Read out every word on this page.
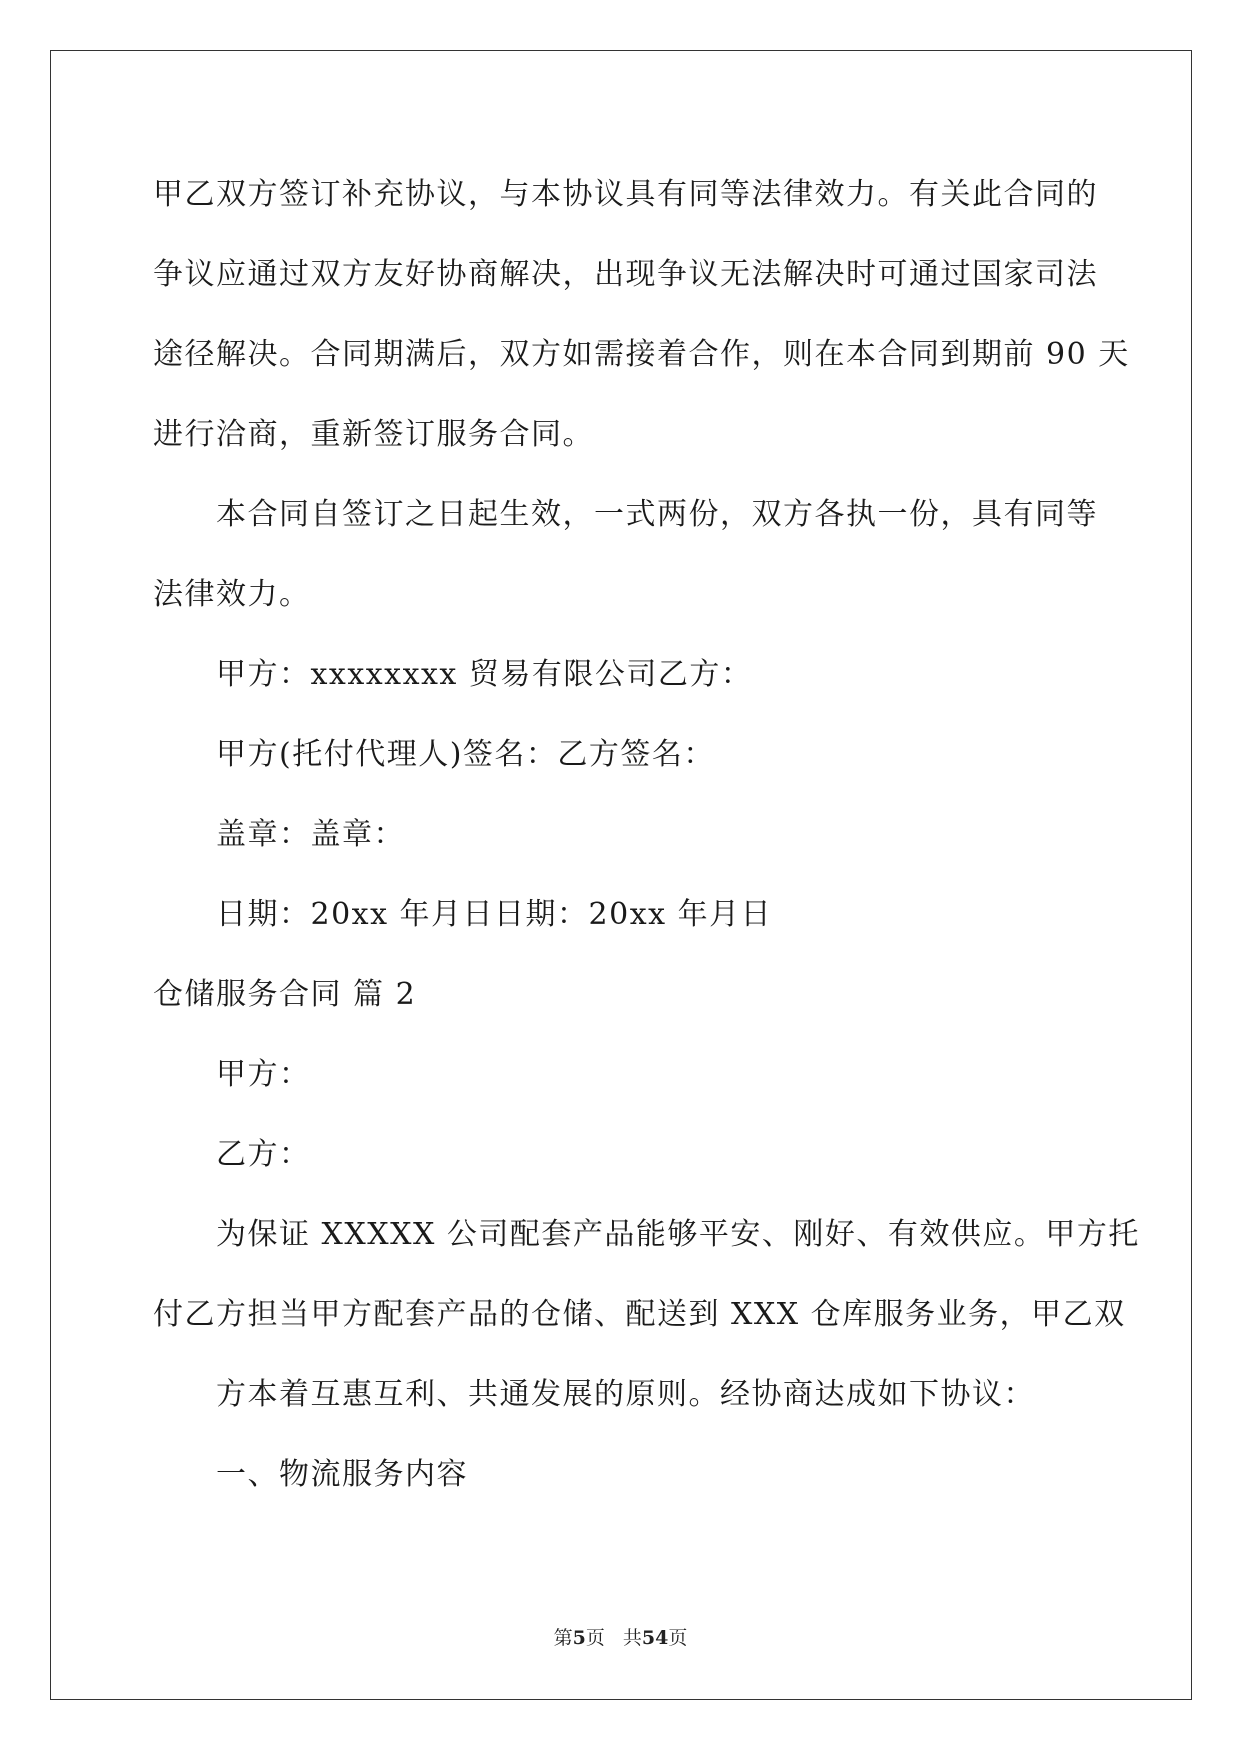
甲乙双方签订补充协议，与本协议具有同等法律效力。有关此合同的
争议应通过双方友好协商解决，出现争议无法解决时可通过国家司法
途径解决。合同期满后，双方如需接着合作，则在本合同到期前 90 天
进行洽商，重新签订服务合同。
本合同自签订之日起生效，一式两份，双方各执一份，具有同等
法律效力。
甲方：xxxxxxxx 贸易有限公司乙方：
甲方(托付代理人)签名：乙方签名：
盖章：盖章：
日期：20xx 年月日日期：20xx 年月日
仓储服务合同 篇 2
甲方：
乙方：
为保证 XXXXX 公司配套产品能够平安、刚好、有效供应。甲方托
付乙方担当甲方配套产品的仓储、配送到 XXX 仓库服务业务，甲乙双
方本着互惠互利、共通发展的原则。经协商达成如下协议：
一、物流服务内容
第5页 共54页
